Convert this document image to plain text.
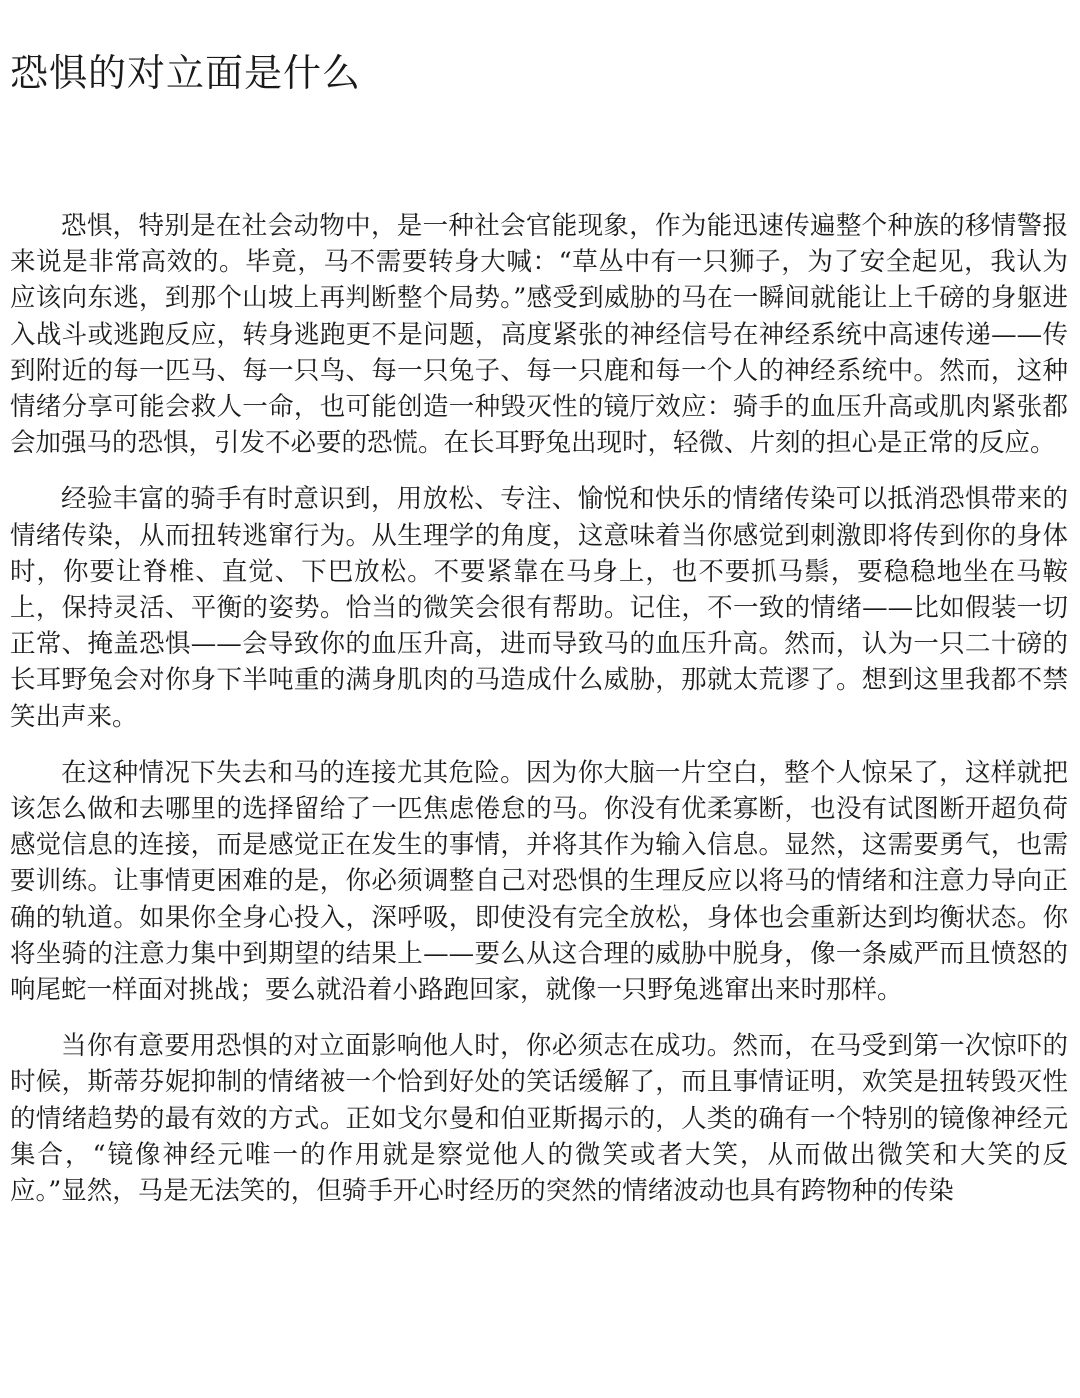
恐惧的对立面是什么

恐惧，特别是在社会动物中，是一种社会官能现象，作为能迅速传遍整个种族的移情警报来说是非常高效的。毕竟，马不需要转身大喊：“草丛中有一只狮子，为了安全起见，我认为应该向东逃，到那个山坡上再判断整个局势。”感受到威胁的马在一瞬间就能让上千磅的身躯进入战斗或逃跑反应，转身逃跑更不是问题，高度紧张的神经信号在神经系统中高速传递——传到附近的每一匹马、每一只鸟、每一只兔子、每一只鹿和每一个人的神经系统中。然而，这种情绪分享可能会救人一命，也可能创造一种毁灭性的镜厅效应：骑手的血压升高或肌肉紧张都会加强马的恐惧，引发不必要的恐慌。在长耳野兔出现时，轻微、片刻的担心是正常的反应。

经验丰富的骑手有时意识到，用放松、专注、愉悦和快乐的情绪传染可以抵消恐惧带来的情绪传染，从而扭转逃窜行为。从生理学的角度，这意味着当你感觉到刺激即将传到你的身体时，你要让脊椎、直觉、下巴放松。不要紧靠在马身上，也不要抓马鬃，要稳稳地坐在马鞍上，保持灵活、平衡的姿势。恰当的微笑会很有帮助。记住，不一致的情绪——比如假装一切正常、掩盖恐惧——会导致你的血压升高，进而导致马的血压升高。然而，认为一只二十磅的长耳野兔会对你身下半吨重的满身肌肉的马造成什么威胁，那就太荒谬了。想到这里我都不禁笑出声来。

在这种情况下失去和马的连接尤其危险。因为你大脑一片空白，整个人惊呆了，这样就把该怎么做和去哪里的选择留给了一匹焦虑倦怠的马。你没有优柔寡断，也没有试图断开超负荷感觉信息的连接，而是感觉正在发生的事情，并将其作为输入信息。显然，这需要勇气，也需要训练。让事情更困难的是，你必须调整自己对恐惧的生理反应以将马的情绪和注意力导向正确的轨道。如果你全身心投入，深呼吸，即使没有完全放松，身体也会重新达到均衡状态。你将坐骑的注意力集中到期望的结果上——要么从这合理的威胁中脱身，像一条威严而且愤怒的响尾蛇一样面对挑战；要么就沿着小路跑回家，就像一只野兔逃窜出来时那样。

当你有意要用恐惧的对立面影响他人时，你必须志在成功。然而，在马受到第一次惊吓的时候，斯蒂芬妮抑制的情绪被一个恰到好处的笑话缓解了，而且事情证明，欢笑是扭转毁灭性的情绪趋势的最有效的方式。正如戈尔曼和伯亚斯揭示的，人类的确有一个特别的镜像神经元集合，“镜像神经元唯一的作用就是察觉他人的微笑或者大笑，从而做出微笑和大笑的反应。”显然，马是无法笑的，但骑手开心时经历的突然的情绪波动也具有跨物种的传染
